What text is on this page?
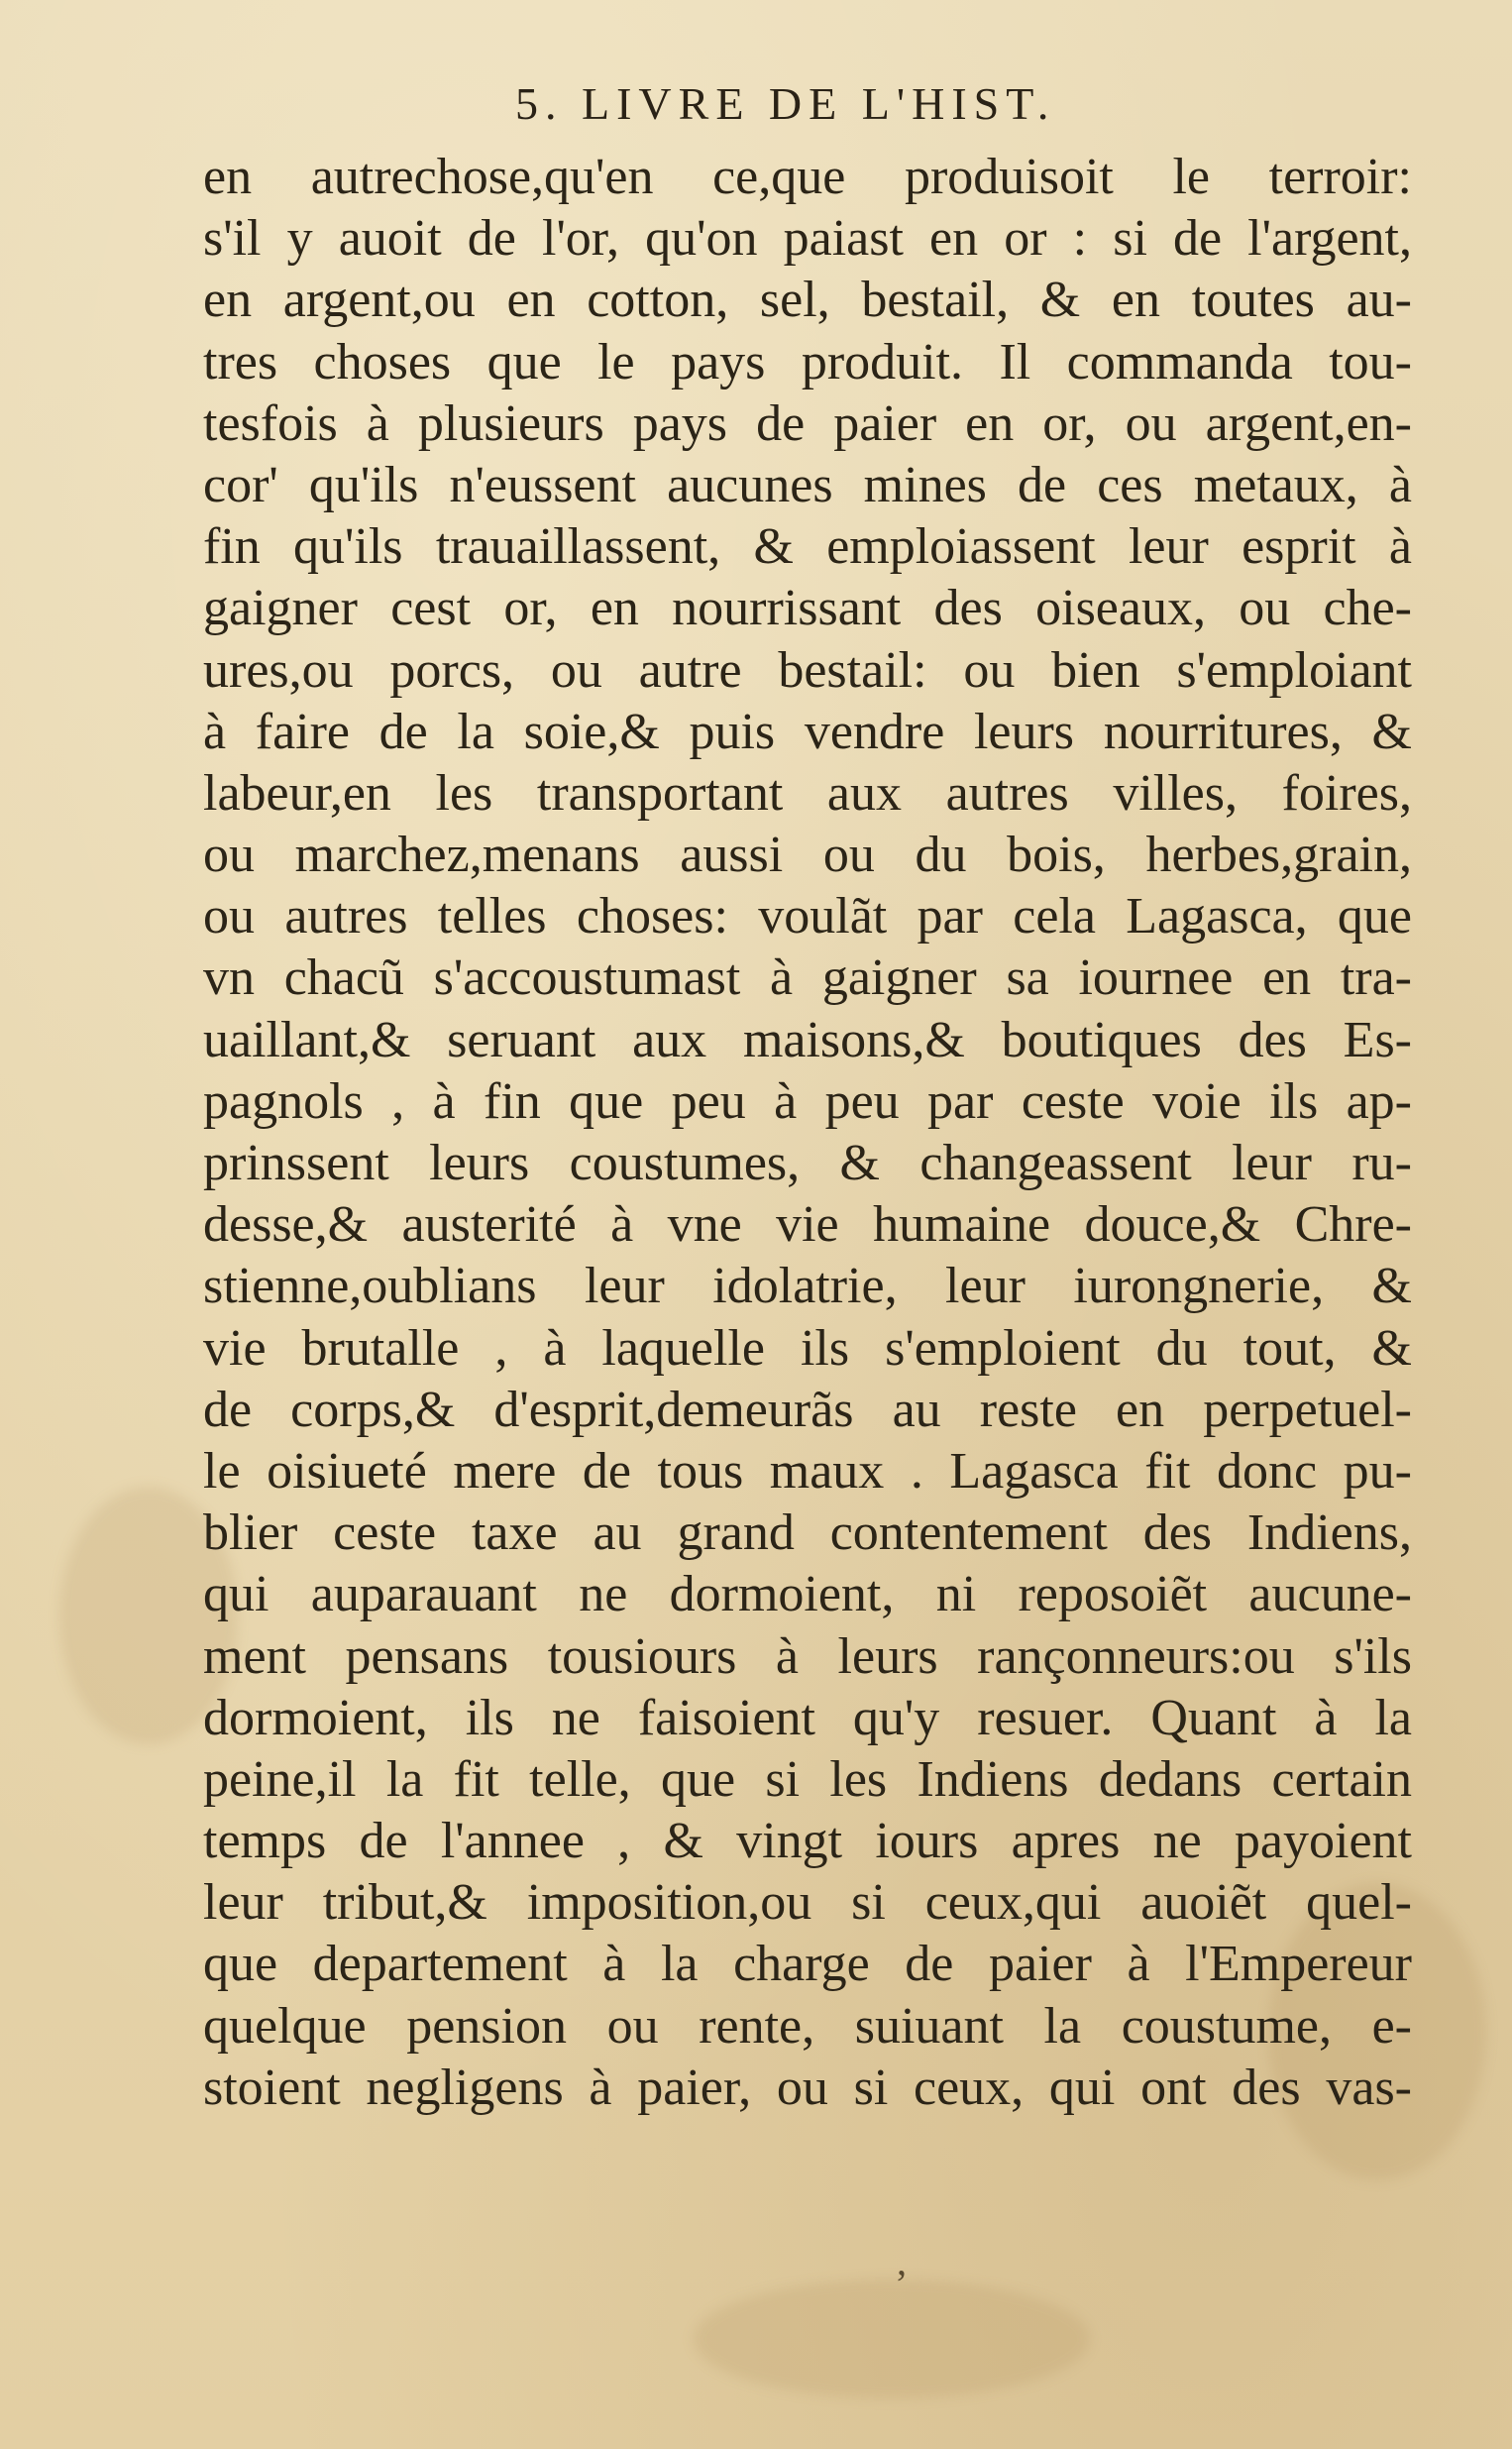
5. LIVRE DE L'HIST.
en autrechose,qu'en ce,que produisoit le terroir:
s'il y auoit de l'or, qu'on paiast en or : si de l'argent,
en argent,ou en cotton, sel, bestail, & en toutes au-
tres choses que le pays produit. Il commanda tou-
tesfois à plusieurs pays de paier en or, ou argent,en-
cor' qu'ils n'eussent aucunes mines de ces metaux, à
fin qu'ils trauaillassent, & emploiassent leur esprit à
gaigner cest or, en nourrissant des oiseaux, ou che-
ures,ou porcs, ou autre bestail: ou bien s'emploiant
à faire de la soie,& puis vendre leurs nourritures, &
labeur,en les transportant aux autres villes, foires,
ou marchez,menans aussi ou du bois, herbes,grain,
ou autres telles choses: voulãt par cela Lagasca, que
vn chacũ s'accoustumast à gaigner sa iournee en tra-
uaillant,& seruant aux maisons,& boutiques des Es-
pagnols , à fin que peu à peu par ceste voie ils ap-
prinssent leurs coustumes, & changeassent leur ru-
desse,& austerité à vne vie humaine douce,& Chre-
stienne,oublians leur idolatrie, leur iurongnerie, &
vie brutalle , à laquelle ils s'emploient du tout, &
de corps,& d'esprit,demeurãs au reste en perpetuel-
le oisiueté mere de tous maux . Lagasca fit donc pu-
blier ceste taxe au grand contentement des Indiens,
qui auparauant ne dormoient, ni reposoiẽt aucune-
ment pensans tousiours à leurs rançonneurs:ou s'ils
dormoient, ils ne faisoient qu'y resuer. Quant à la
peine,il la fit telle, que si les Indiens dedans certain
temps de l'annee , & vingt iours apres ne payoient
leur tribut,& imposition,ou si ceux,qui auoiẽt quel-
que departement à la charge de paier à l'Empereur
quelque pension ou rente, suiuant la coustume, e-
stoient negligens à paier, ou si ceux, qui ont des vas-
,
